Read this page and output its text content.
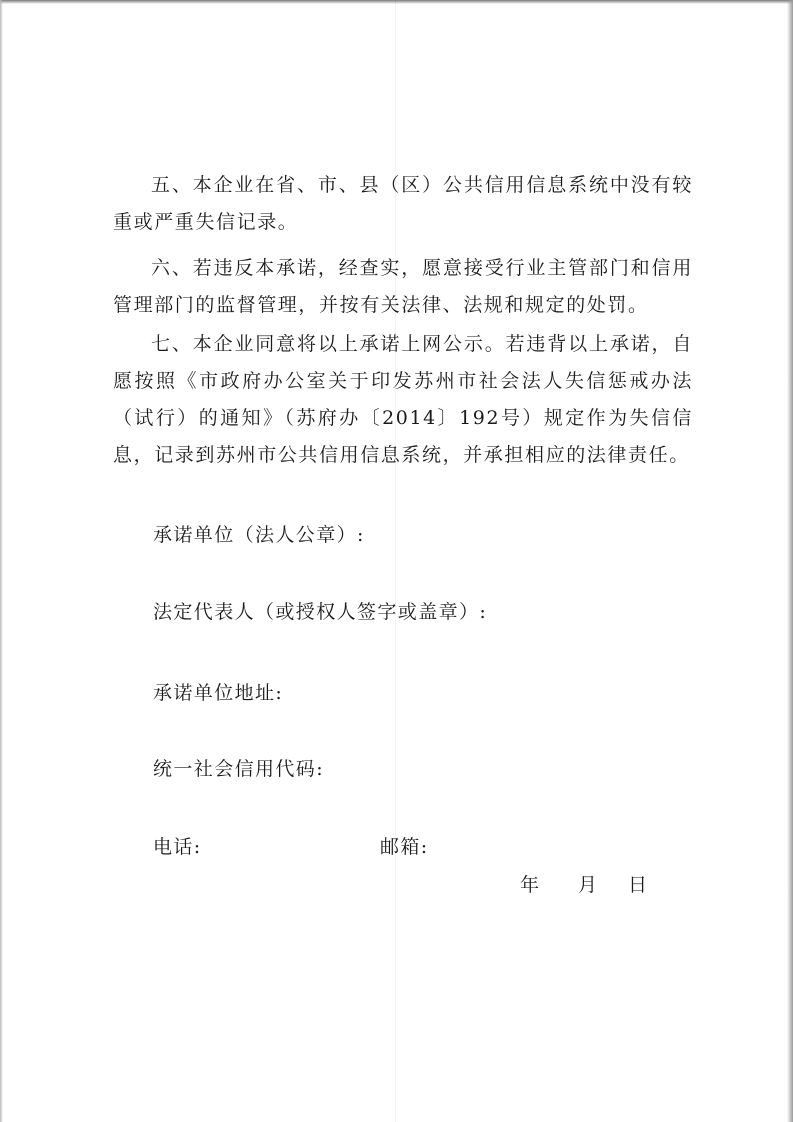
五、本企业在省、市、县（区）公共信用信息系统中没有较重或严重失信记录。

六、若违反本承诺，经查实，愿意接受行业主管部门和信用管理部门的监督管理，并按有关法律、法规和规定的处罚。

七、本企业同意将以上承诺上网公示。若违背以上承诺，自愿按照《市政府办公室关于印发苏州市社会法人失信惩戒办法（试行）的通知》（苏府办〔2014〕192号）规定作为失信信息，记录到苏州市公共信用信息系统，并承担相应的法律责任。

承诺单位（法人公章）:

法定代表人（或授权人签字或盖章）:

承诺单位地址:

统一社会信用代码:

电话:	邮箱:

年 月 日
